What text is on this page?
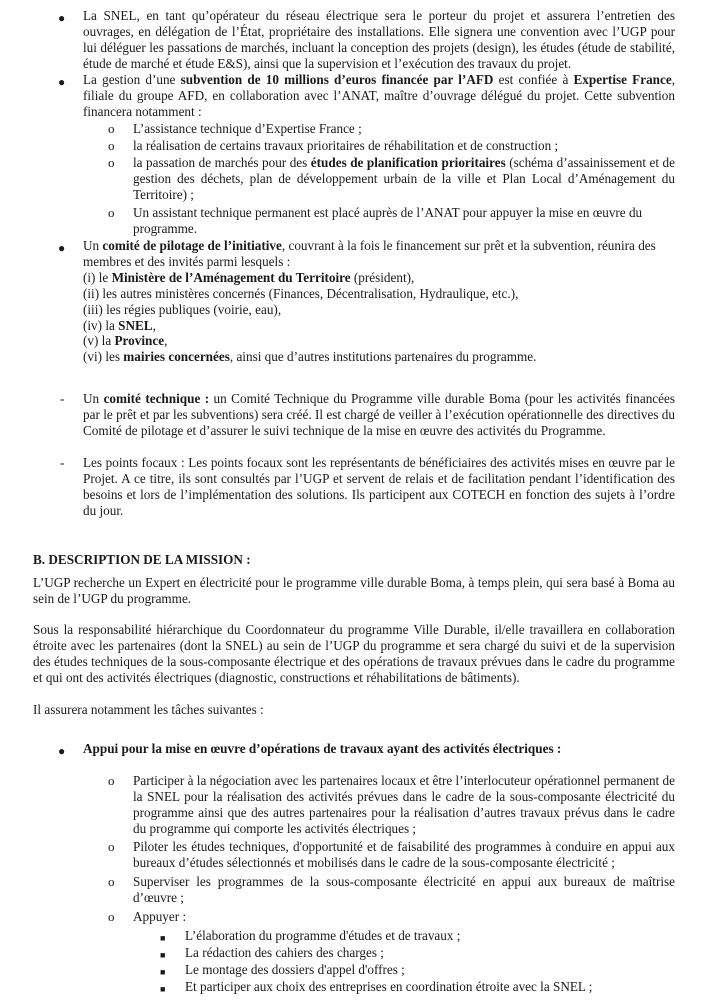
● La SNEL, en tant qu’opérateur du réseau électrique sera le porteur du projet et assurera l’entretien des ouvrages, en délégation de l’État, propriétaire des installations. Elle signera une convention avec l’UGP pour lui déléguer les passations de marchés, incluant la conception des projets (design), les études (étude de stabilité, étude de marché et étude E&S), ainsi que la supervision et l’exécution des travaux du projet.
● La gestion d’une subvention de 10 millions d’euros financée par l’AFD est confiée à Expertise France, filiale du groupe AFD, en collaboration avec l’ANAT, maître d’ouvrage délégué du projet. Cette subvention financera notamment :
o L’assistance technique d’Expertise France ;
o la réalisation de certains travaux prioritaires de réhabilitation et de construction ;
o la passation de marchés pour des études de planification prioritaires (schéma d’assainissement et de gestion des déchets, plan de développement urbain de la ville et Plan Local d’Aménagement du Territoire) ;
o Un assistant technique permanent est placé auprès de l’ANAT pour appuyer la mise en œuvre du programme.
● Un comité de pilotage de l’initiative, couvrant à la fois le financement sur prêt et la subvention, réunira des membres et des invités parmi lesquels :
(i) le Ministère de l’Aménagement du Territoire (président),
(ii) les autres ministères concernés (Finances, Décentralisation, Hydraulique, etc.),
(iii) les régies publiques (voirie, eau),
(iv) la SNEL,
(v) la Province,
(vi) les mairies concernées, ainsi que d’autres institutions partenaires du programme.
- Un comité technique : un Comité Technique du Programme ville durable Boma (pour les activités financées par le prêt et par les subventions) sera créé. Il est chargé de veiller à l’exécution opérationnelle des directives du Comité de pilotage et d’assurer le suivi technique de la mise en œuvre des activités du Programme.
- Les points focaux : Les points focaux sont les représentants de bénéficiaires des activités mises en œuvre par le Projet. A ce titre, ils sont consultés par l’UGP et servent de relais et de facilitation pendant l’identification des besoins et lors de l’implémentation des solutions. Ils participent aux COTECH en fonction des sujets à l’ordre du jour.
B. DESCRIPTION DE LA MISSION :
L’UGP recherche un Expert en électricité pour le programme ville durable Boma, à temps plein, qui sera basé à Boma au sein de l’UGP du programme.
Sous la responsabilité hiérarchique du Coordonnateur du programme Ville Durable, il/elle travaillera en collaboration étroite avec les partenaires (dont la SNEL) au sein de l’UGP du programme et sera chargé du suivi et de la supervision des études techniques de la sous-composante électrique et des opérations de travaux prévues dans le cadre du programme et qui ont des activités électriques (diagnostic, constructions et réhabilitations de bâtiments).
Il assurera notamment les tâches suivantes :
● Appui pour la mise en œuvre d’opérations de travaux ayant des activités électriques :
o Participer à la négociation avec les partenaires locaux et être l’interlocuteur opérationnel permanent de la SNEL pour la réalisation des activités prévues dans le cadre de la sous-composante électricité du programme ainsi que des autres partenaires pour la réalisation d’autres travaux prévus dans le cadre du programme qui comporte les activités électriques ;
o Piloter les études techniques, d'opportunité et de faisabilité des programmes à conduire en appui aux bureaux d’études sélectionnés et mobilisés dans le cadre de la sous-composante électricité ;
o Superviser les programmes de la sous-composante électricité en appui aux bureaux de maîtrise d’œuvre ;
o Appuyer :
■ L’élaboration du programme d'études et de travaux ;
■ La rédaction des cahiers des charges ;
■ Le montage des dossiers d'appel d'offres ;
■ Et participer aux choix des entreprises en coordination étroite avec la SNEL ;
